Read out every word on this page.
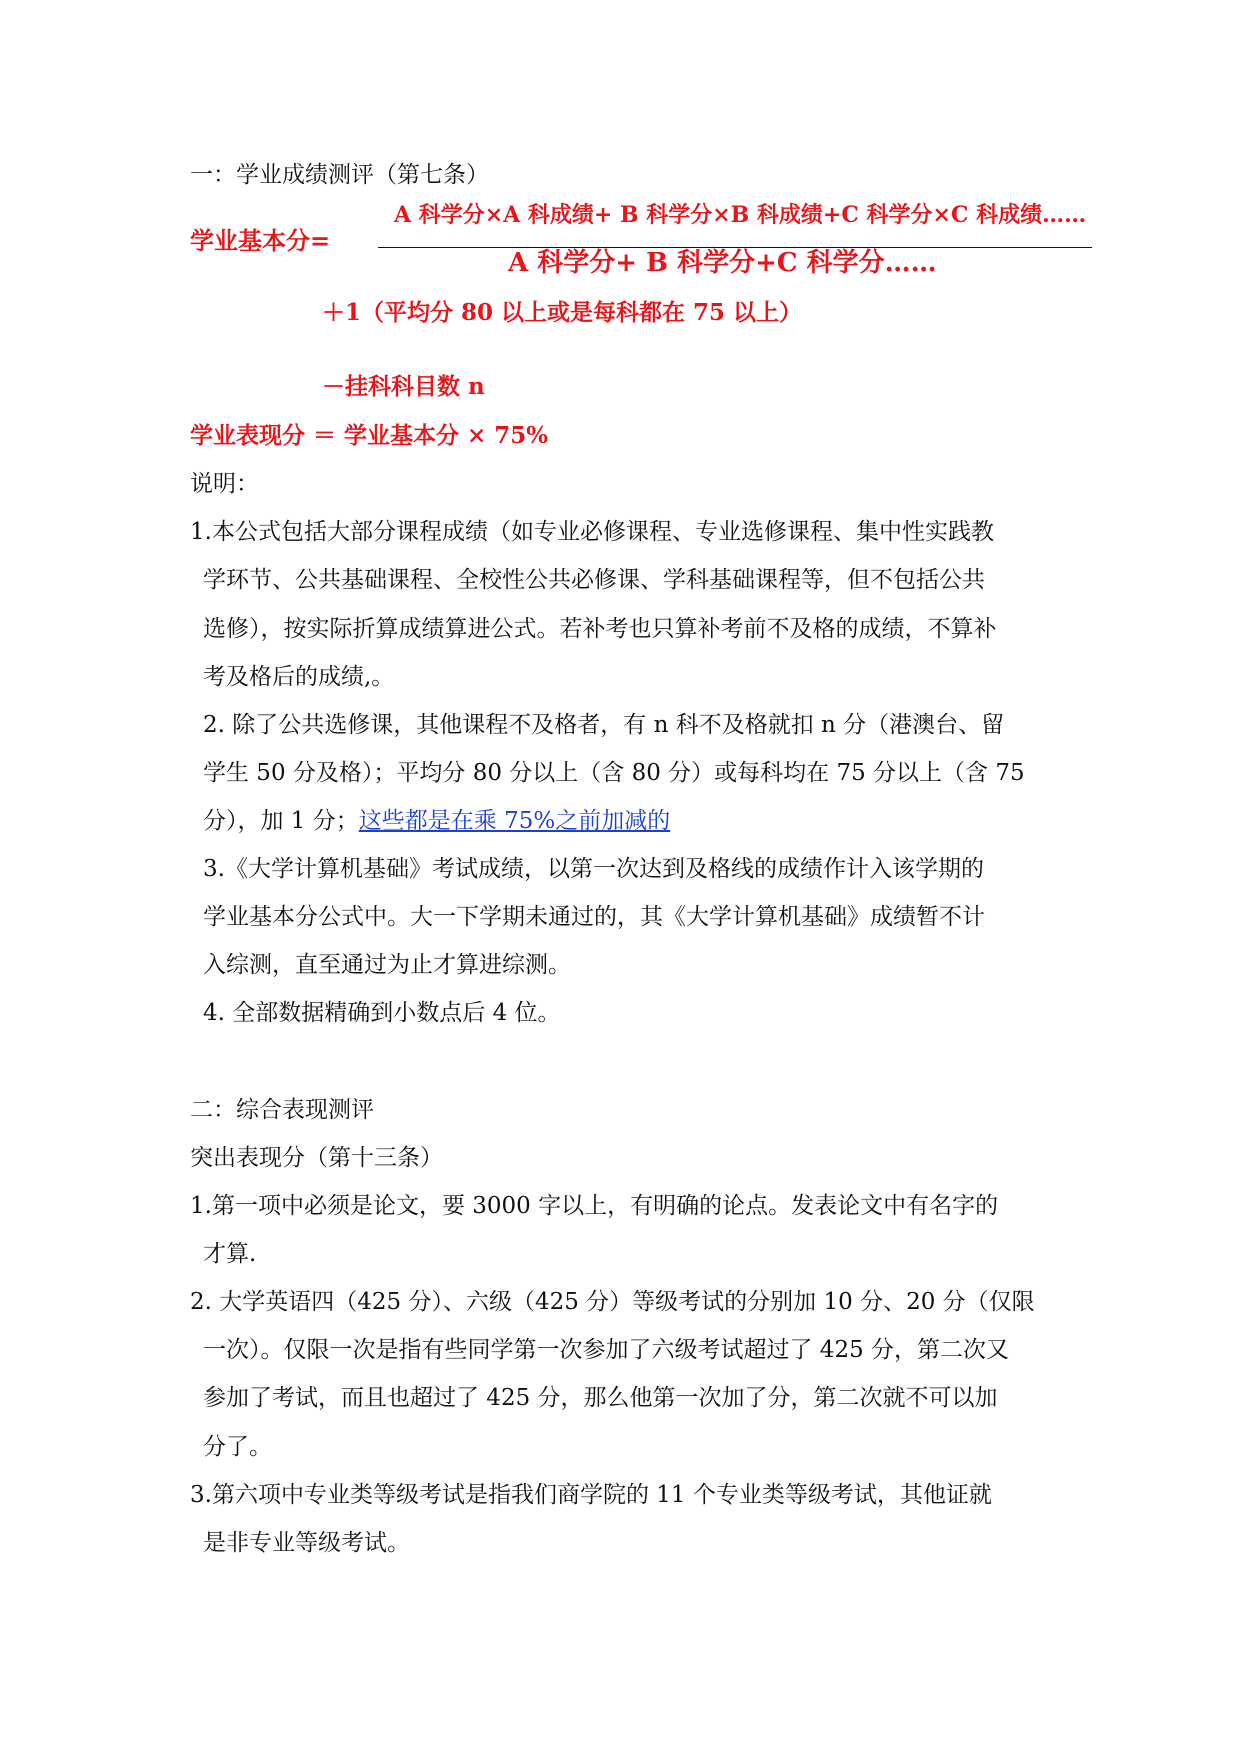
一：学业成绩测评（第七条）
学业基本分=
A 科学分×A 科成绩+ B 科学分×B 科成绩+C 科学分×C 科成绩……
A 科学分+ B 科学分+C 科学分……
＋1（平均分 80 以上或是每科都在 75 以上）
－挂科科目数 n
学业表现分 ＝ 学业基本分 × 75%
说明：
1.本公式包括大部分课程成绩（如专业必修课程、专业选修课程、集中性实践教
学环节、公共基础课程、全校性公共必修课、学科基础课程等，但不包括公共
选修），按实际折算成绩算进公式。若补考也只算补考前不及格的成绩，不算补
考及格后的成绩,。
2. 除了公共选修课，其他课程不及格者，有 n 科不及格就扣 n 分（港澳台、留
学生 50 分及格）；平均分 80 分以上（含 80 分）或每科均在 75 分以上（含 75
分），加 1 分；这些都是在乘 75%之前加减的
3.《大学计算机基础》考试成绩，以第一次达到及格线的成绩作计入该学期的
学业基本分公式中。大一下学期未通过的，其《大学计算机基础》成绩暂不计
入综测，直至通过为止才算进综测。
4. 全部数据精确到小数点后 4 位。
二：综合表现测评
突出表现分（第十三条）
1.第一项中必须是论文，要 3000 字以上，有明确的论点。发表论文中有名字的
才算.
2. 大学英语四（425 分）、六级（425 分）等级考试的分别加 10 分、20 分（仅限
一次）。仅限一次是指有些同学第一次参加了六级考试超过了 425 分，第二次又
参加了考试，而且也超过了 425 分，那么他第一次加了分，第二次就不可以加
分了。
3.第六项中专业类等级考试是指我们商学院的 11 个专业类等级考试，其他证就
是非专业等级考试。
